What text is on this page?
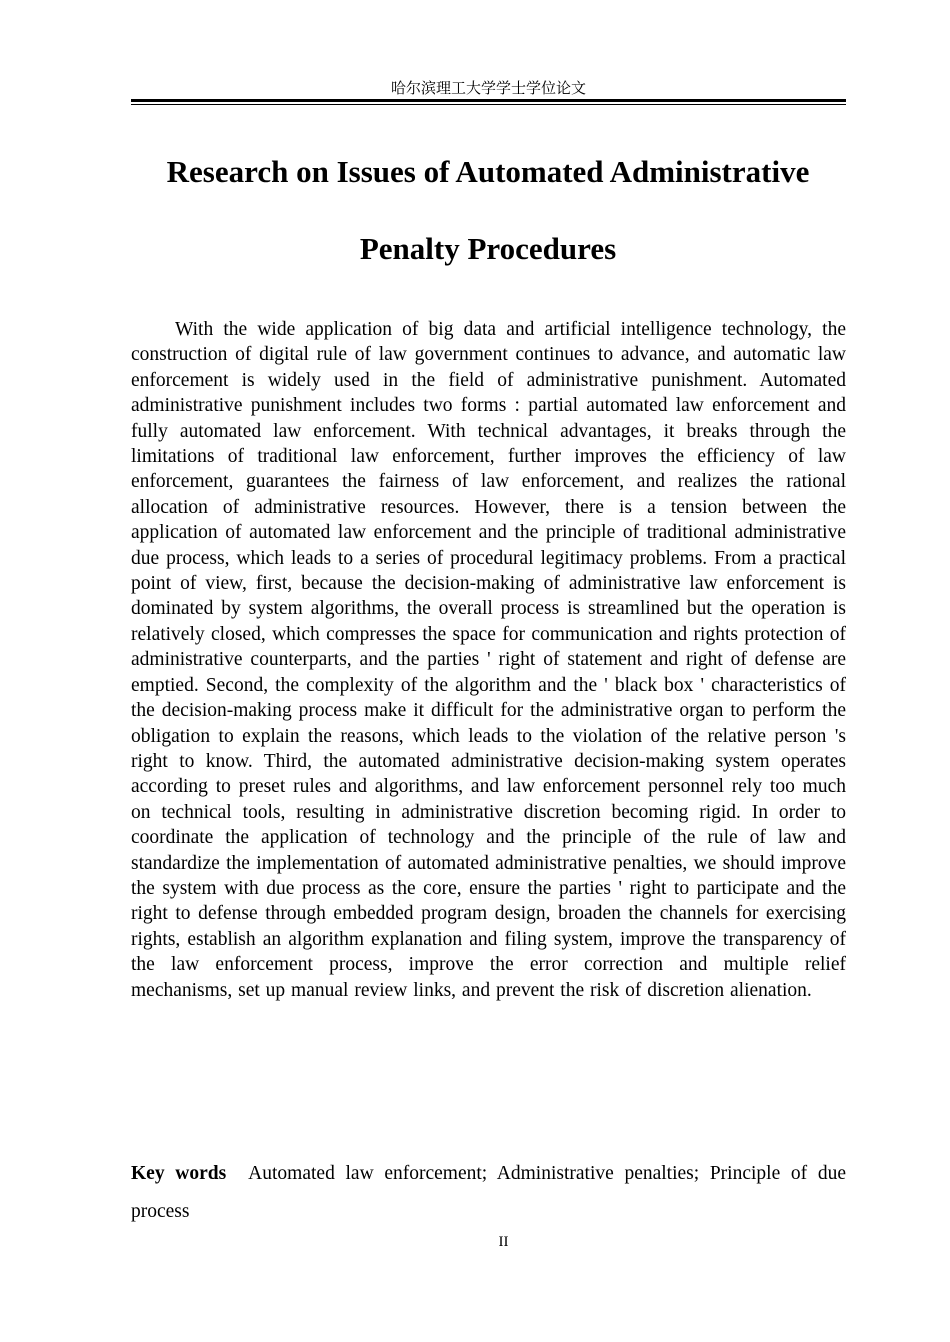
哈尔滨理工大学学士学位论文
Research on Issues of Automated Administrative
Penalty Procedures

With the wide application of big data and artificial intelligence technology, the construction of digital rule of law government continues to advance, and automatic law enforcement is widely used in the field of administrative punishment. Automated administrative punishment includes two forms : partial automated law enforcement and fully automated law enforcement. With technical advantages, it breaks through the limitations of traditional law enforcement, further improves the efficiency of law enforcement, guarantees the fairness of law enforcement, and realizes the rational allocation of administrative resources. However, there is a tension between the application of automated law enforcement and the principle of traditional administrative due process, which leads to a series of procedural legitimacy problems. From a practical point of view, first, because the decision-making of administrative law enforcement is dominated by system algorithms, the overall process is streamlined but the operation is relatively closed, which compresses the space for communication and rights protection of administrative counterparts, and the parties ' right of statement and right of defense are emptied. Second, the complexity of the algorithm and the ' black box ' characteristics of the decision-making process make it difficult for the administrative organ to perform the obligation to explain the reasons, which leads to the violation of the relative person 's right to know. Third, the automated administrative decision-making system operates according to preset rules and algorithms, and law enforcement personnel rely too much on technical tools, resulting in administrative discretion becoming rigid. In order to coordinate the application of technology and the principle of the rule of law and standardize the implementation of automated administrative penalties, we should improve the system with due process as the core, ensure the parties ' right to participate and the right to defense through embedded program design, broaden the channels for exercising rights, establish an algorithm explanation and filing system, improve the transparency of the law enforcement process, improve the error correction and multiple relief mechanisms, set up manual review links, and prevent the risk of discretion alienation.

Key words Automated law enforcement; Administrative penalties; Principle of due process

II
